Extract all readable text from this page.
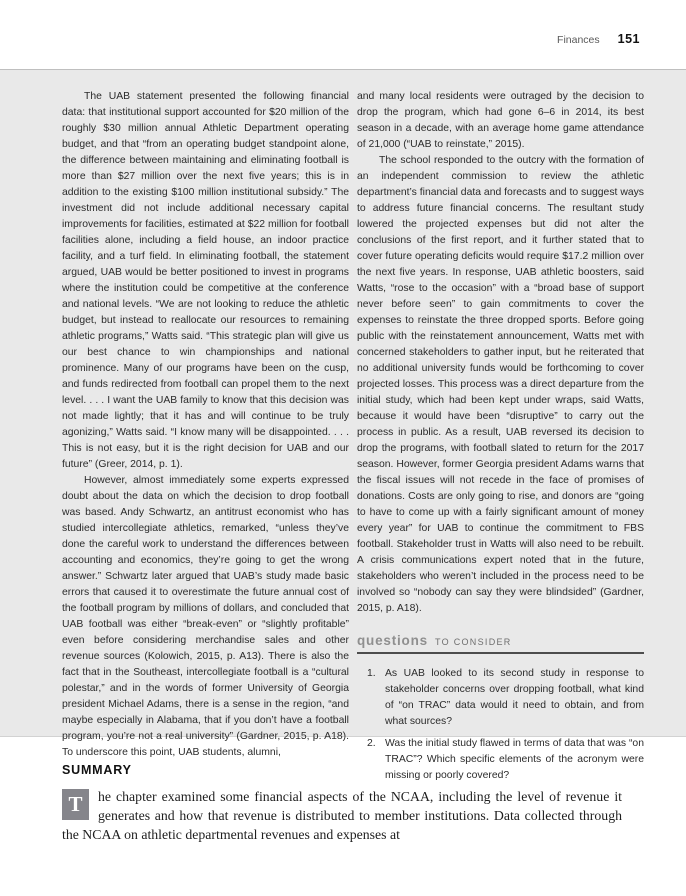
Finances 151

The UAB statement presented the following financial data: that institutional support accounted for $20 million of the roughly $30 million annual Athletic Department operating budget, and that “from an operating budget standpoint alone, the difference between maintaining and eliminating football is more than $27 million over the next five years; this is in addition to the existing $100 million institutional subsidy.” The investment did not include additional necessary capital improvements for facilities, estimated at $22 million for football facilities alone, including a field house, an indoor practice facility, and a turf field. In eliminating football, the statement argued, UAB would be better positioned to invest in programs where the institution could be competitive at the conference and national levels. “We are not looking to reduce the athletic budget, but instead to reallocate our resources to remaining athletic programs,” Watts said. “This strategic plan will give us our best chance to win championships and national prominence. Many of our programs have been on the cusp, and funds redirected from football can propel them to the next level. . . . I want the UAB family to know that this decision was not made lightly; that it has and will continue to be truly agonizing,” Watts said. “I know many will be disappointed. . . . This is not easy, but it is the right decision for UAB and our future” (Greer, 2014, p. 1).

However, almost immediately some experts expressed doubt about the data on which the decision to drop football was based. Andy Schwartz, an antitrust economist who has studied intercollegiate athletics, remarked, “unless they’ve done the careful work to understand the differences between accounting and economics, they’re going to get the wrong answer.” Schwartz later argued that UAB’s study made basic errors that caused it to overestimate the future annual cost of the football program by millions of dollars, and concluded that UAB football was either “break-even” or “slightly profitable” even before considering merchandise sales and other revenue sources (Kolowich, 2015, p. A13). There is also the fact that in the Southeast, intercollegiate football is a “cultural polestar,” and in the words of former University of Georgia president Michael Adams, there is a sense in the region, “and maybe especially in Alabama, that if you don’t have a football program, you’re not a real university” (Gardner, 2015, p. A18). To underscore this point, UAB students, alumni,

and many local residents were outraged by the decision to drop the program, which had gone 6–6 in 2014, its best season in a decade, with an average home game attendance of 21,000 (“UAB to reinstate,” 2015).

The school responded to the outcry with the formation of an independent commission to review the athletic department’s financial data and forecasts and to suggest ways to address future financial concerns. The resultant study lowered the projected expenses but did not alter the conclusions of the first report, and it further stated that to cover future operating deficits would require $17.2 million over the next five years. In response, UAB athletic boosters, said Watts, “rose to the occasion” with a “broad base of support never before seen” to gain commitments to cover the expenses to reinstate the three dropped sports. Before going public with the reinstatement announcement, Watts met with concerned stakeholders to gather input, but he reiterated that no additional university funds would be forthcoming to cover projected losses. This process was a direct departure from the initial study, which had been kept under wraps, said Watts, because it would have been “disruptive” to carry out the process in public. As a result, UAB reversed its decision to drop the programs, with football slated to return for the 2017 season. However, former Georgia president Adams warns that the fiscal issues will not recede in the face of promises of donations. Costs are only going to rise, and donors are “going to have to come up with a fairly significant amount of money every year” for UAB to continue the commitment to FBS football. Stakeholder trust in Watts will also need to be rebuilt. A crisis communications expert noted that in the future, stakeholders who weren’t included in the process need to be involved so “nobody can say they were blindsided” (Gardner, 2015, p. A18).

questions TO CONSIDER
1. As UAB looked to its second study in response to stakeholder concerns over dropping football, what kind of “on TRAC” data would it need to obtain, and from what sources?
2. Was the initial study flawed in terms of data that was “on TRAC”? Which specific elements of the acronym were missing or poorly covered?
SUMMARY

T	he chapter examined some financial aspects of the NCAA, including the level of revenue it generates and how that revenue is distributed to member institutions. Data collected through the NCAA on athletic departmental revenues and expenses at
